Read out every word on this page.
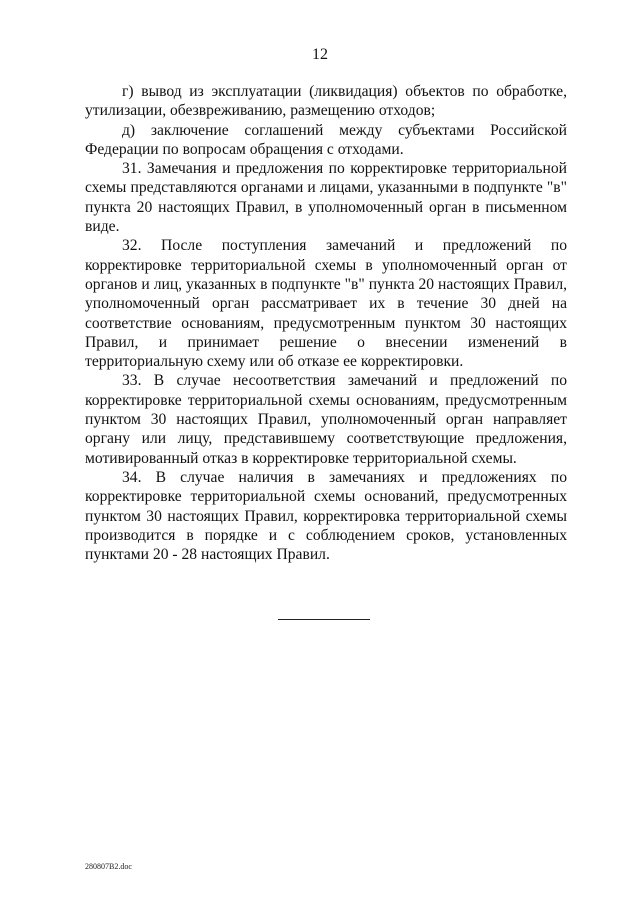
12

г) вывод из эксплуатации (ликвидация) объектов по обработке, утилизации, обезвреживанию, размещению отходов;

д) заключение соглашений между субъектами Российской Федерации по вопросам обращения с отходами.

31. Замечания и предложения по корректировке территориальной схемы представляются органами и лицами, указанными в подпункте "в" пункта 20 настоящих Правил, в уполномоченный орган в письменном виде.

32. После поступления замечаний и предложений по корректировке территориальной схемы в уполномоченный орган от органов и лиц, указанных в подпункте "в" пункта 20 настоящих Правил, уполномоченный орган рассматривает их в течение 30 дней на соответствие основаниям, предусмотренным пунктом 30 настоящих Правил, и принимает решение о внесении изменений в территориальную схему или об отказе ее корректировки.

33. В случае несоответствия замечаний и предложений по корректировке территориальной схемы основаниям, предусмотренным пунктом 30 настоящих Правил, уполномоченный орган направляет органу или лицу, представившему соответствующие предложения, мотивированный отказ в корректировке территориальной схемы.

34. В случае наличия в замечаниях и предложениях по корректировке территориальной схемы оснований, предусмотренных пунктом 30 настоящих Правил, корректировка территориальной схемы производится в порядке и с соблюдением сроков, установленных пунктами 20 - 28 настоящих Правил.

280807В2.doc
